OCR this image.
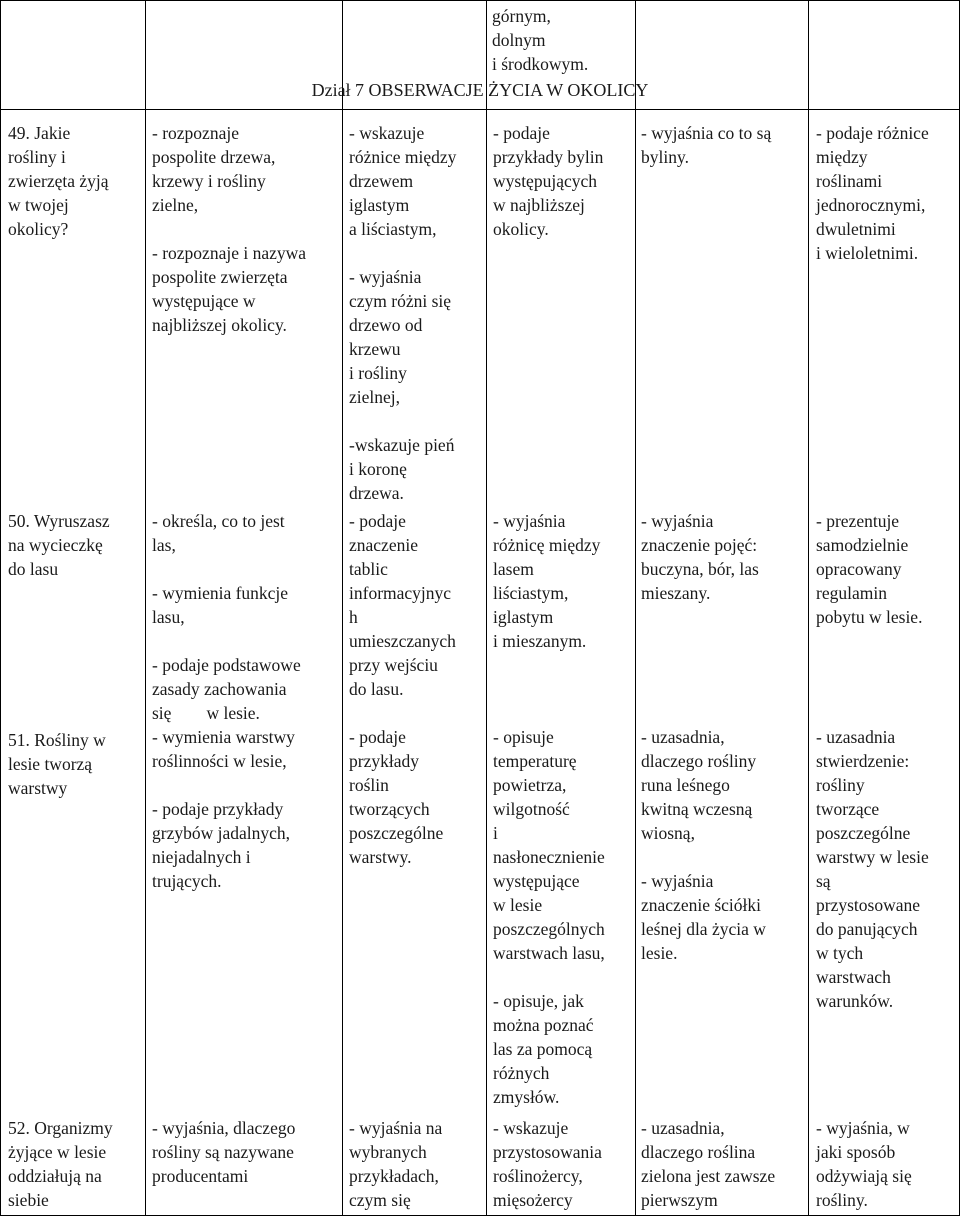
Dział 7 OBSERWACJE ŻYCIA W OKOLICY

górnym,

dolnym

i środkowym.

49. Jakie

rośliny i

zwierzęta żyją

w twojej

okolicy?

- rozpoznaje

pospolite drzewa,

krzewy i rośliny

zielne,

- rozpoznaje i nazywa

pospolite zwierzęta

występujące w

najbliższej okolicy.

- wskazuje

różnice między

drzewem

iglastym

a liściastym,

- wyjaśnia

czym różni się

drzewo od

krzewu

i rośliny

zielnej,

-wskazuje pień

i koronę

drzewa.

- podaje

przykłady bylin

występujących

w najbliższej

okolicy.

- wyjaśnia co to są

byliny.

- podaje różnice

między

roślinami

jednorocznymi,

dwuletnimi

i wieloletnimi.

50. Wyruszasz

na wycieczkę

do lasu

51. Rośliny w

lesie tworzą

warstwy

- określa, co to jest

las,

- wymienia funkcje

lasu,

- podaje podstawowe

zasady zachowania

się        w lesie.

- wymienia warstwy

roślinności w lesie,

- podaje przykłady

grzybów jadalnych,

niejadalnych i

trujących.

- podaje

znaczenie

tablic

informacyjnyc

h

umieszczanych

przy wejściu

do lasu.

- podaje

przykłady

roślin

tworzących

poszczególne

warstwy.

- wyjaśnia

różnicę między

lasem

liściastym,

iglastym

i mieszanym.

- opisuje

temperaturę

powietrza,

wilgotność

i

nasłonecznienie

występujące

w lesie

poszczególnych

warstwach lasu,

- opisuje, jak

można poznać

las za pomocą

różnych

zmysłów.

- wyjaśnia

znaczenie pojęć:

buczyna, bór, las

mieszany.

- uzasadnia,

dlaczego rośliny

runa leśnego

kwitną wczesną

wiosną,

- wyjaśnia

znaczenie ściółki

leśnej dla życia w

lesie.

- prezentuje

samodzielnie

opracowany

regulamin

pobytu w lesie.

- uzasadnia

stwierdzenie:

rośliny

tworzące

poszczególne

warstwy w lesie

są

przystosowane

do panujących

w tych

warstwach

warunków.

52. Organizmy

żyjące w lesie

oddziałują na

siebie

- wyjaśnia, dlaczego

rośliny są nazywane

producentami

- wyjaśnia na

wybranych

przykładach,

czym się

- wskazuje

przystosowania

roślinożercy,

mięsożercy

- uzasadnia,

dlaczego roślina

zielona jest zawsze

pierwszym

- wyjaśnia, w

jaki sposób

odżywiają się

rośliny.
